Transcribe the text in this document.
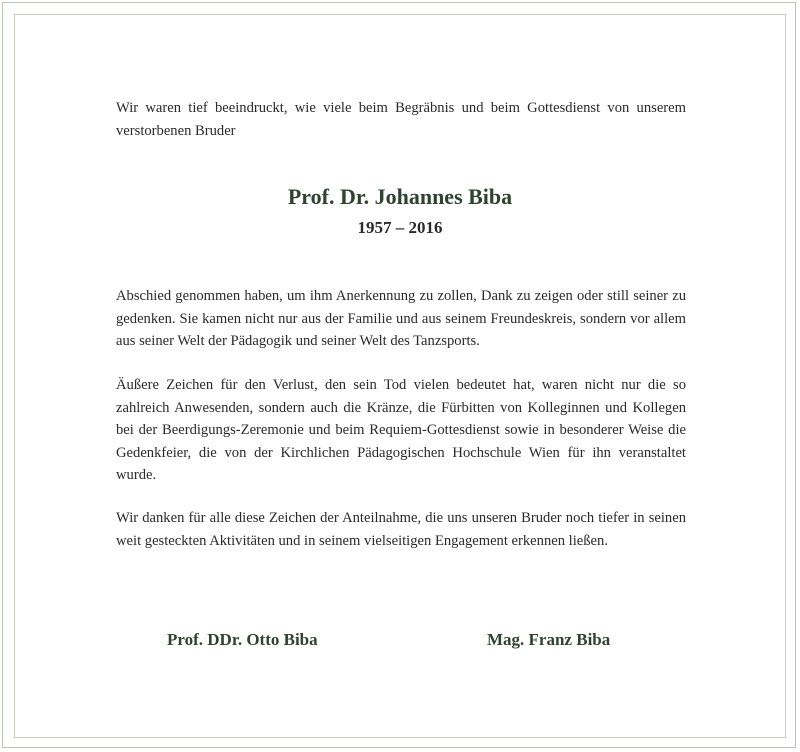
Wir waren tief beeindruckt, wie viele beim Begräbnis und beim Gottesdienst von unserem verstorbenen Bruder

Prof. Dr. Johannes Biba

1957 – 2016

Abschied genommen haben, um ihm Anerkennung zu zollen, Dank zu zeigen oder still seiner zu gedenken. Sie kamen nicht nur aus der Familie und aus seinem Freundeskreis, sondern vor allem aus seiner Welt der Pädagogik und seiner Welt des Tanzsports.

Äußere Zeichen für den Verlust, den sein Tod vielen bedeutet hat, waren nicht nur die so zahlreich Anwesenden, sondern auch die Kränze, die Fürbitten von Kolleginnen und Kollegen bei der Beerdigungs-Zeremonie und beim Requiem-Gottesdienst sowie in besonderer Weise die Gedenkfeier, die von der Kirchlichen Pädagogischen Hochschule Wien für ihn veranstaltet wurde.

Wir danken für alle diese Zeichen der Anteilnahme, die uns unseren Bruder noch tiefer in seinen weit gesteckten Aktivitäten und in seinem vielseitigen Engagement erkennen ließen.

Prof. DDr. Otto Biba	Mag. Franz Biba
